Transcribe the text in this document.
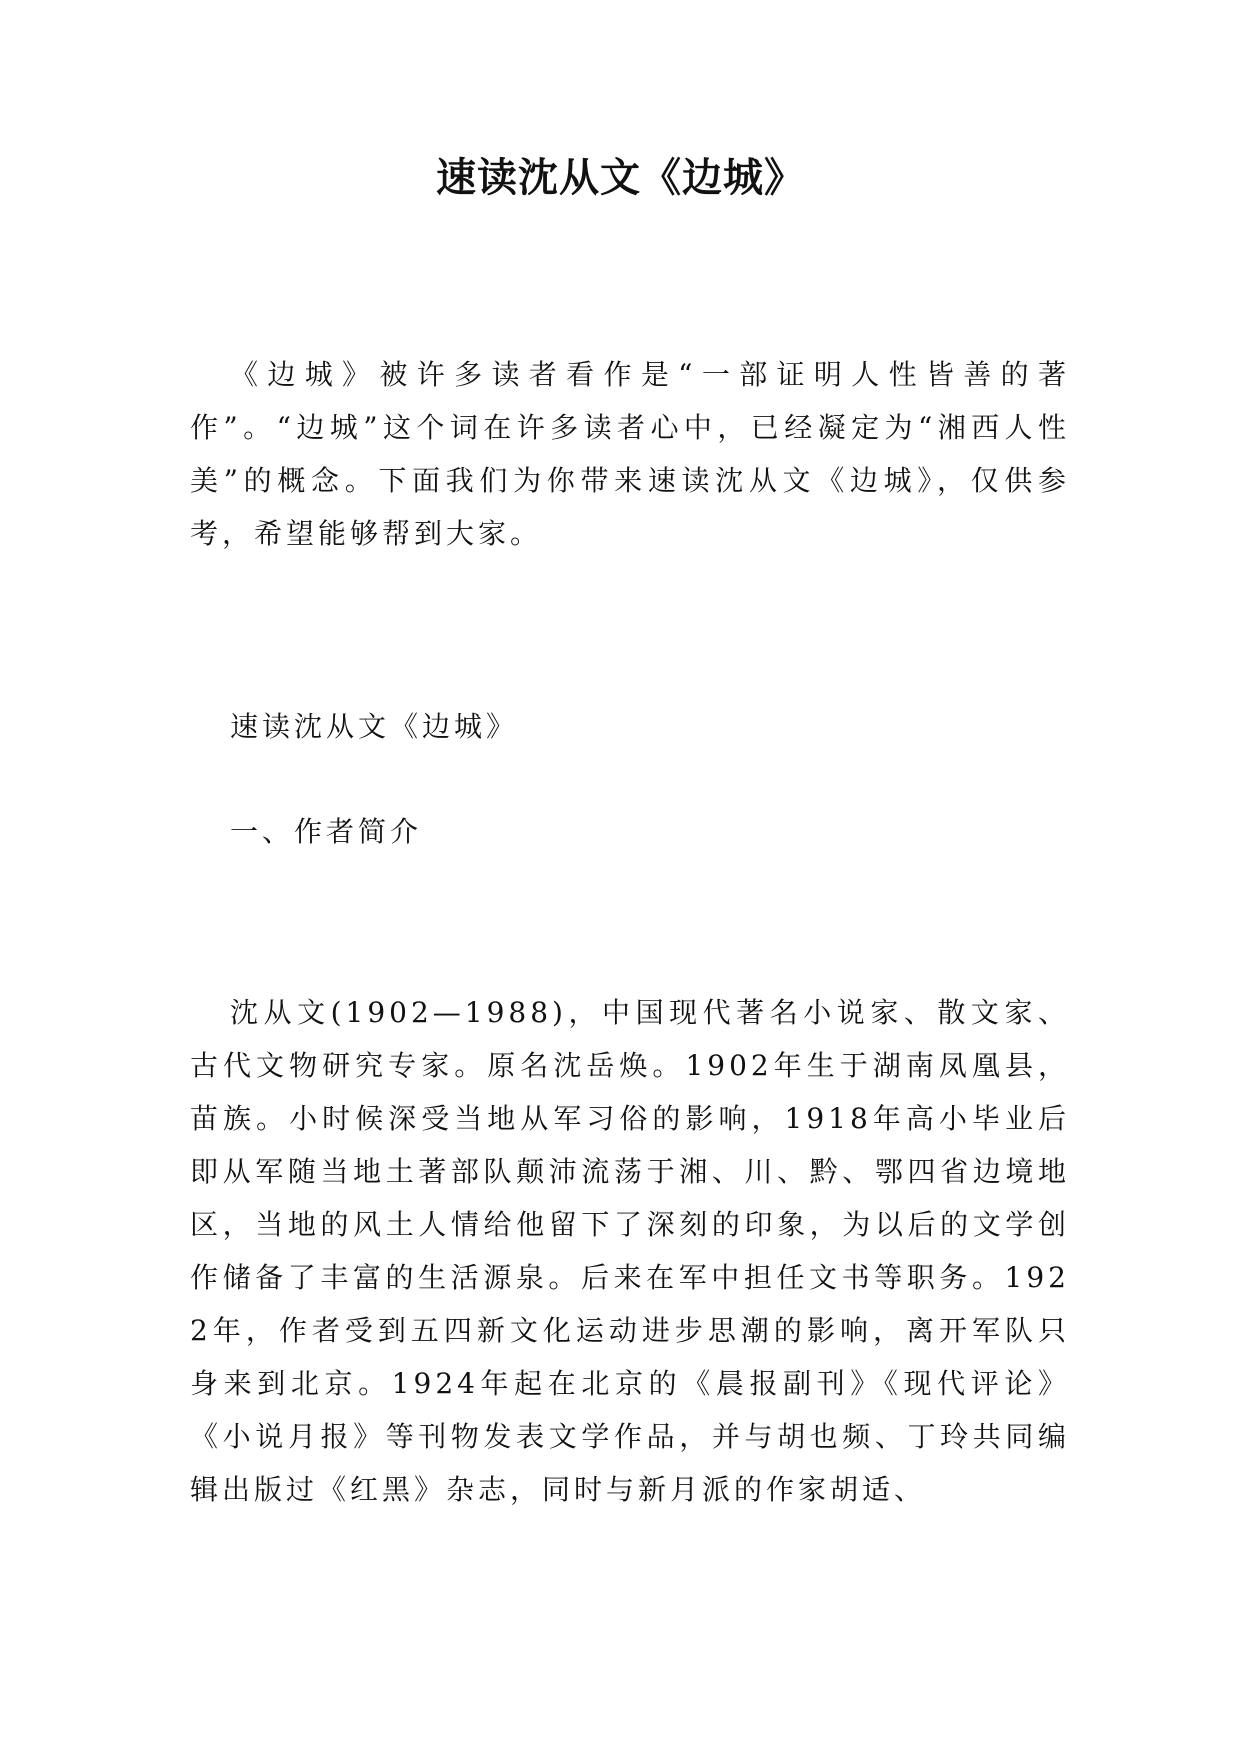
速读沈从文《边城》

《边城》被许多读者看作是“一部证明人性皆善的著作”。“边城”这个词在许多读者心中，已经凝定为“湘西人性美”的概念。下面我们为你带来速读沈从文《边城》，仅供参考，希望能够帮到大家。

速读沈从文《边城》

一、作者简介

沈从文(1902—1988)，中国现代著名小说家、散文家、古代文物研究专家。原名沈岳焕。1902年生于湖南凤凰县，苗族。小时候深受当地从军习俗的影响，1918年高小毕业后即从军随当地土著部队颠沛流荡于湘、川、黔、鄂四省边境地区，当地的风土人情给他留下了深刻的印象，为以后的文学创作储备了丰富的生活源泉。后来在军中担任文书等职务。1922年，作者受到五四新文化运动进步思潮的影响，离开军队只身来到北京。1924年起在北京的《晨报副刊》《现代评论》《小说月报》等刊物发表文学作品，并与胡也频、丁玲共同编辑出版过《红黑》杂志，同时与新月派的作家胡适、
